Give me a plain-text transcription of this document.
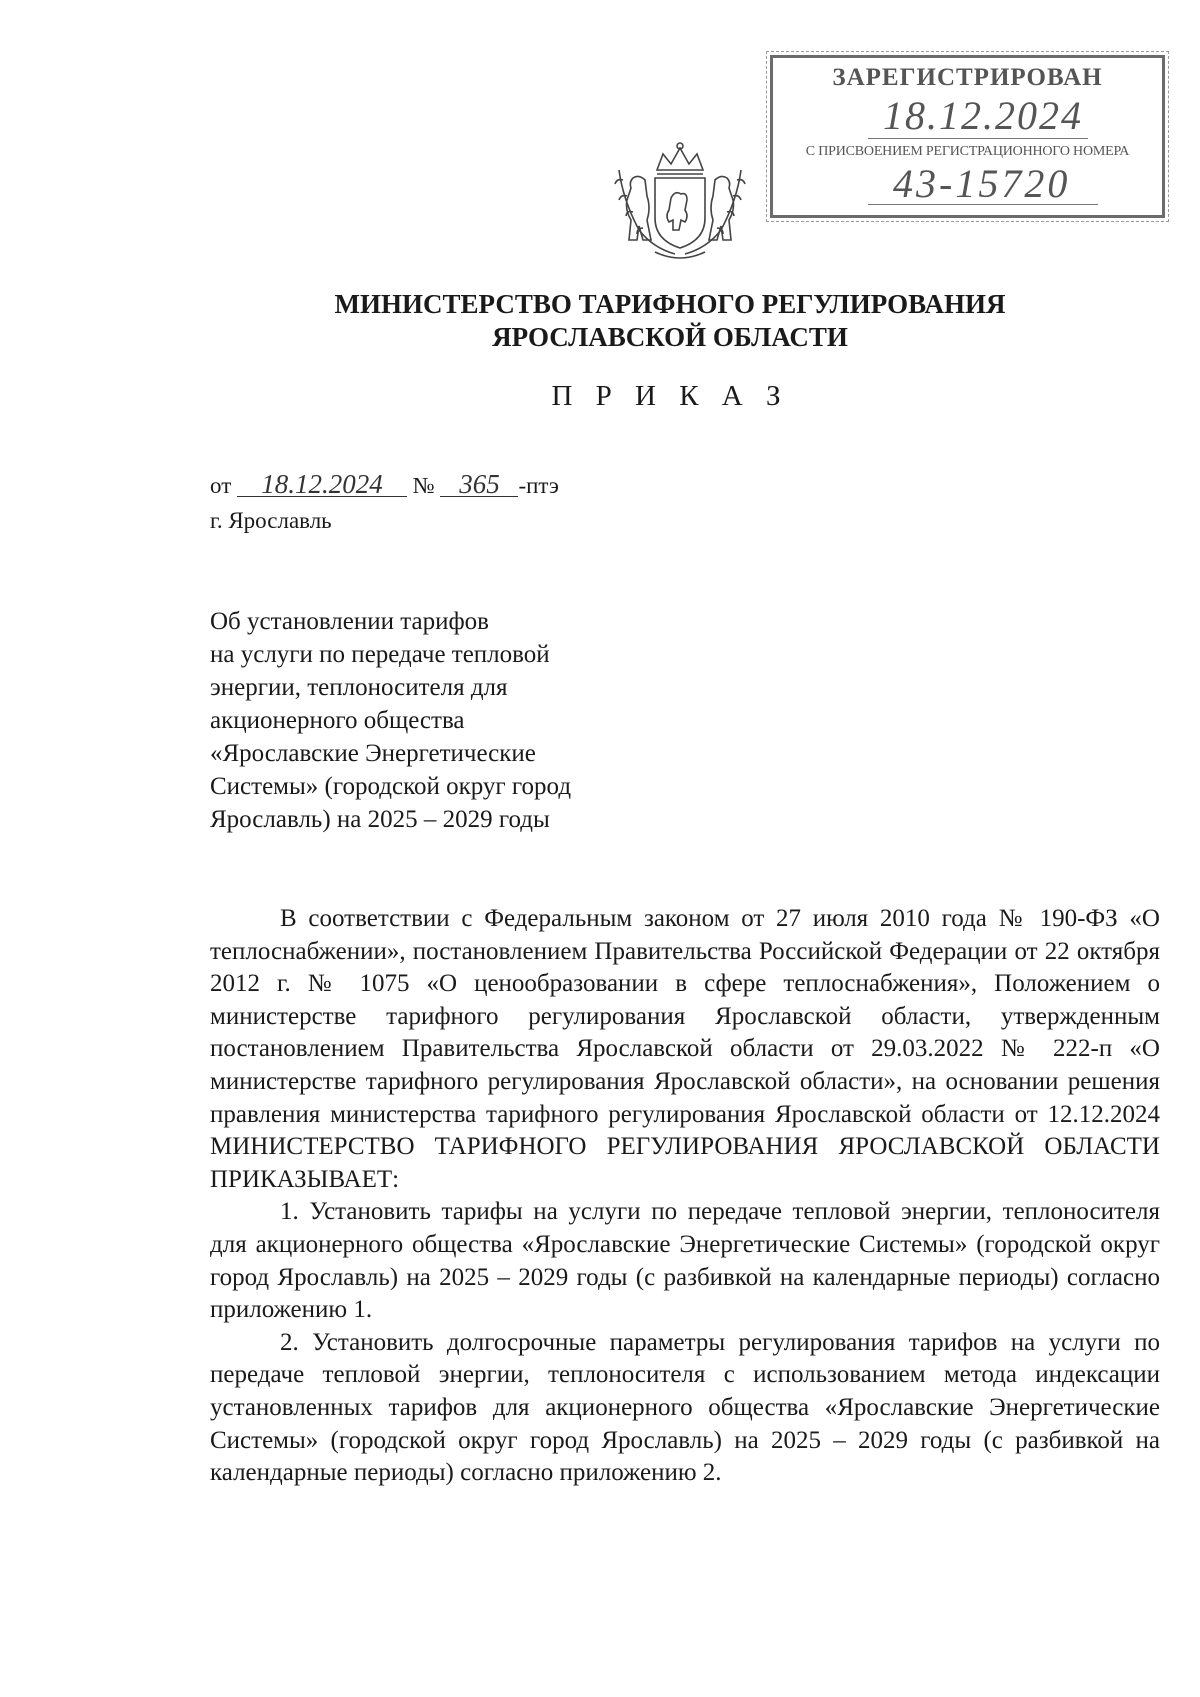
ЗАРЕГИСТРИРОВАН
18.12.2024
С ПРИСВОЕНИЕМ РЕГИСТРАЦИОННОГО НОМЕРА
43-15720
МИНИСТЕРСТВО ТАРИФНОГО РЕГУЛИРОВАНИЯ
ЯРОСЛАВСКОЙ ОБЛАСТИ
П Р И К А З
от 18.12.2024 № 365 -птэ
г. Ярославль
Об установлении тарифов
на услуги по передаче тепловой
энергии, теплоносителя для
акционерного общества
«Ярославские Энергетические
Системы» (городской округ город
Ярославль) на 2025 – 2029 годы

В соответствии с Федеральным законом от 27 июля 2010 года № 190-ФЗ «О теплоснабжении», постановлением Правительства Российской Федерации от 22 октября 2012 г. № 1075 «О ценообразовании в сфере теплоснабжения», Положением о министерстве тарифного регулирования Ярославской области, утвержденным постановлением Правительства Ярославской области от 29.03.2022 № 222-п «О министерстве тарифного регулирования Ярославской области», на основании решения правления министерства тарифного регулирования Ярославской области от 12.12.2024

МИНИСТЕРСТВО ТАРИФНОГО РЕГУЛИРОВАНИЯ ЯРОСЛАВСКОЙ ОБЛАСТИ ПРИКАЗЫВАЕТ:

1. Установить тарифы на услуги по передаче тепловой энергии, теплоносителя для акционерного общества «Ярославские Энергетические Системы» (городской округ город Ярославль) на 2025 – 2029 годы (с разбивкой на календарные периоды) согласно приложению 1.

2. Установить долгосрочные параметры регулирования тарифов на услуги по передаче тепловой энергии, теплоносителя с использованием метода индексации установленных тарифов для акционерного общества «Ярославские Энергетические Системы» (городской округ город Ярославль) на 2025 – 2029 годы (с разбивкой на календарные периоды) согласно приложению 2.
